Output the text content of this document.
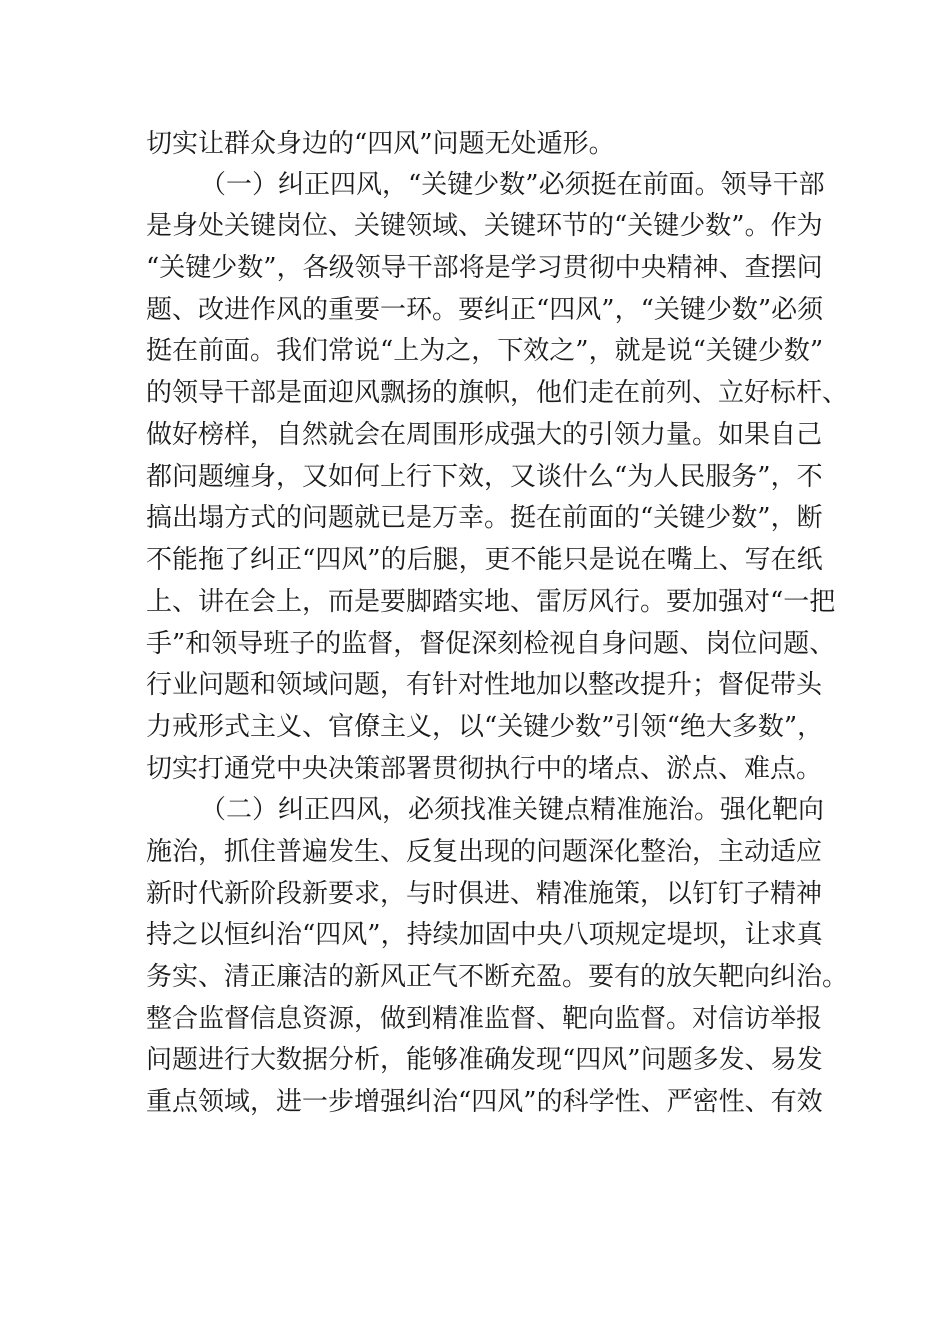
切实让群众身边的“四风”问题无处遁形。
（一）纠正四风，“关键少数”必须挺在前面。领导干部
是身处关键岗位、关键领域、关键环节的“关键少数”。作为
“关键少数”，各级领导干部将是学习贯彻中央精神、查摆问
题、改进作风的重要一环。要纠正“四风”，“关键少数”必须
挺在前面。我们常说“上为之，下效之”，就是说“关键少数”
的领导干部是面迎风飘扬的旗帜，他们走在前列、立好标杆、
做好榜样，自然就会在周围形成强大的引领力量。如果自己
都问题缠身，又如何上行下效，又谈什么“为人民服务”，不
搞出塌方式的问题就已是万幸。挺在前面的“关键少数”，断
不能拖了纠正“四风”的后腿，更不能只是说在嘴上、写在纸
上、讲在会上，而是要脚踏实地、雷厉风行。要加强对“一把
手”和领导班子的监督，督促深刻检视自身问题、岗位问题、
行业问题和领域问题，有针对性地加以整改提升；督促带头
力戒形式主义、官僚主义，以“关键少数”引领“绝大多数”，
切实打通党中央决策部署贯彻执行中的堵点、淤点、难点。
（二）纠正四风，必须找准关键点精准施治。强化靶向
施治，抓住普遍发生、反复出现的问题深化整治，主动适应
新时代新阶段新要求，与时俱进、精准施策，以钉钉子精神
持之以恒纠治“四风”，持续加固中央八项规定堤坝，让求真
务实、清正廉洁的新风正气不断充盈。要有的放矢靶向纠治。
整合监督信息资源，做到精准监督、靶向监督。对信访举报
问题进行大数据分析，能够准确发现“四风”问题多发、易发
重点领域，进一步增强纠治“四风”的科学性、严密性、有效
